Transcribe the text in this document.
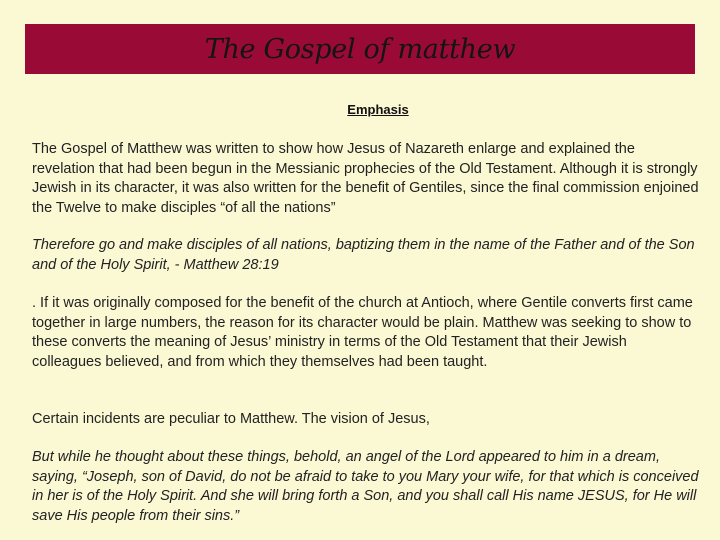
The Gospel of matthew
Emphasis

The Gospel of Matthew was written to show how Jesus of Nazareth enlarge and explained the revelation that had been begun in the Messianic prophecies of the Old Testament. Although it is strongly Jewish in its character, it was also written for the benefit of Gentiles, since the final commission enjoined the Twelve to make disciples “of all the nations”

Therefore go and make disciples of all nations, baptizing them in the name of the Father and of the Son and of the Holy Spirit, - Matthew 28:19

. If it was originally composed for the benefit of the church at Antioch, where Gentile converts first came together in large numbers, the reason for its character would be plain. Matthew was seeking to show to these converts the meaning of Jesus’ ministry in terms of the Old Testament that their Jewish colleagues believed, and from which they themselves had been taught.

Certain incidents are peculiar to Matthew. The vision of Jesus,

But while he thought about these things, behold, an angel of the Lord appeared to him in a dream, saying, “Joseph, son of David, do not be afraid to take to you Mary your wife, for that which is conceived in her is of the Holy Spirit. And she will bring forth a Son, and you shall call His name JESUS, for He will save His people from their sins.”
